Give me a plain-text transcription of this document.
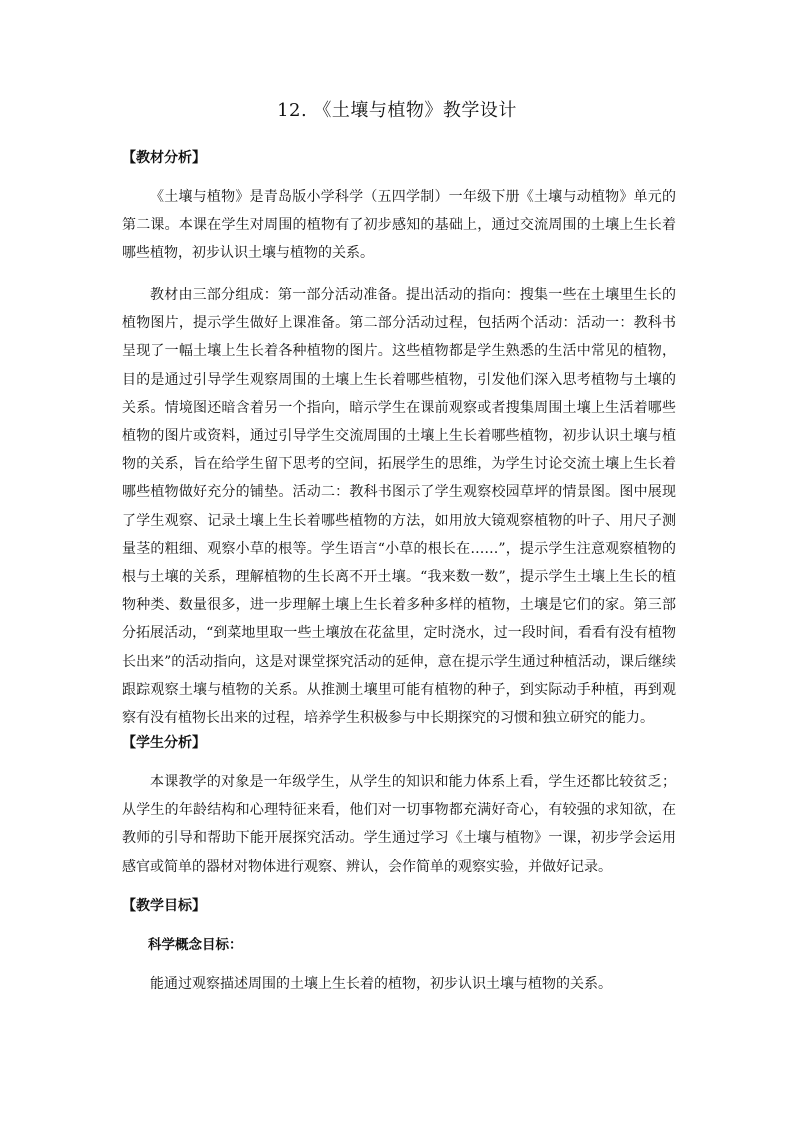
12. 《土壤与植物》教学设计
【教材分析】

《土壤与植物》是青岛版小学科学（五四学制）一年级下册《土壤与动植物》单元的第二课。本课在学生对周围的植物有了初步感知的基础上，通过交流周围的土壤上生长着哪些植物，初步认识土壤与植物的关系。

教材由三部分组成：第一部分活动准备。提出活动的指向：搜集一些在土壤里生长的植物图片，提示学生做好上课准备。第二部分活动过程，包括两个活动：活动一：教科书呈现了一幅土壤上生长着各种植物的图片。这些植物都是学生熟悉的生活中常见的植物，目的是通过引导学生观察周围的土壤上生长着哪些植物，引发他们深入思考植物与土壤的关系。情境图还暗含着另一个指向，暗示学生在课前观察或者搜集周围土壤上生活着哪些植物的图片或资料，通过引导学生交流周围的土壤上生长着哪些植物，初步认识土壤与植物的关系，旨在给学生留下思考的空间，拓展学生的思维，为学生讨论交流土壤上生长着哪些植物做好充分的铺垫。活动二：教科书图示了学生观察校园草坪的情景图。图中展现了学生观察、记录土壤上生长着哪些植物的方法，如用放大镜观察植物的叶子、用尺子测量茎的粗细、观察小草的根等。学生语言“小草的根长在……”，提示学生注意观察植物的根与土壤的关系，理解植物的生长离不开土壤。“我来数一数”，提示学生土壤上生长的植物种类、数量很多，进一步理解土壤上生长着多种多样的植物，土壤是它们的家。第三部分拓展活动，“到菜地里取一些土壤放在花盆里，定时浇水，过一段时间，看看有没有植物长出来”的活动指向，这是对课堂探究活动的延伸，意在提示学生通过种植活动，课后继续跟踪观察土壤与植物的关系。从推测土壤里可能有植物的种子，到实际动手种植，再到观察有没有植物长出来的过程，培养学生积极参与中长期探究的习惯和独立研究的能力。

【学生分析】

本课教学的对象是一年级学生，从学生的知识和能力体系上看，学生还都比较贫乏；从学生的年龄结构和心理特征来看，他们对一切事物都充满好奇心，有较强的求知欲，在教师的引导和帮助下能开展探究活动。学生通过学习《土壤与植物》一课，初步学会运用感官或简单的器材对物体进行观察、辨认，会作简单的观察实验，并做好记录。

【教学目标】
科学概念目标：

能通过观察描述周围的土壤上生长着的植物，初步认识土壤与植物的关系。
